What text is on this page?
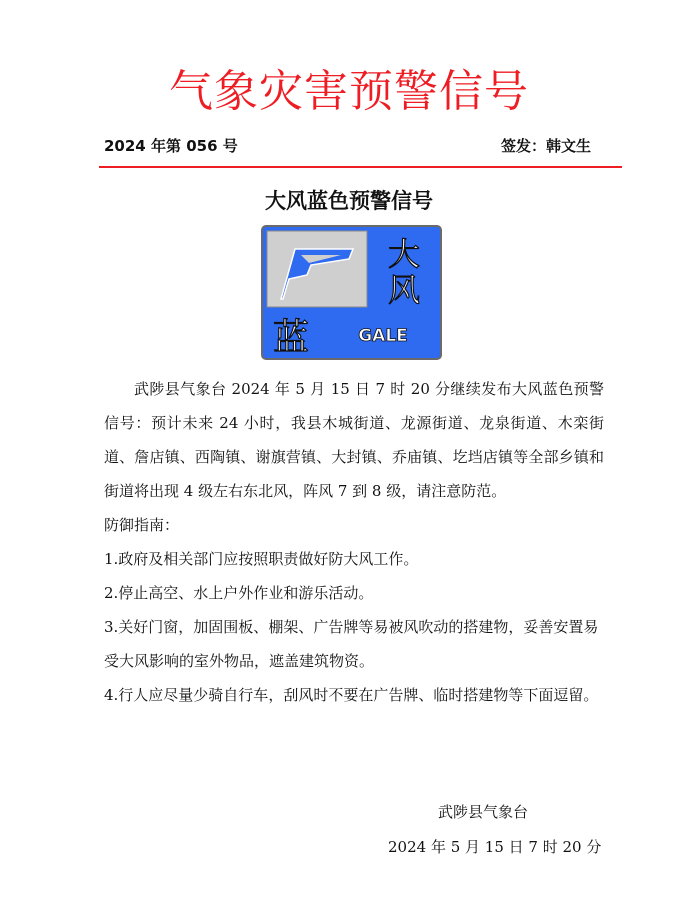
气象灾害预警信号
2024 年第 056 号	签发：韩文生
大风蓝色预警信号
大
风
蓝	GALE

武陟县气象台 2024 年 5 月 15 日 7 时 20 分继续发布大风蓝色预警信号：预计未来 24 小时，我县木城街道、龙源街道、龙泉街道、木栾街道、詹店镇、西陶镇、谢旗营镇、大封镇、乔庙镇、圪垱店镇等全部乡镇和街道将出现 4 级左右东北风，阵风 7 到 8 级，请注意防范。

防御指南：

1.政府及相关部门应按照职责做好防大风工作。

2.停止高空、水上户外作业和游乐活动。

3.关好门窗，加固围板、棚架、广告牌等易被风吹动的搭建物，妥善安置易受大风影响的室外物品，遮盖建筑物资。

4.行人应尽量少骑自行车，刮风时不要在广告牌、临时搭建物等下面逗留。

武陟县气象台
2024 年 5 月 15 日 7 时 20 分
